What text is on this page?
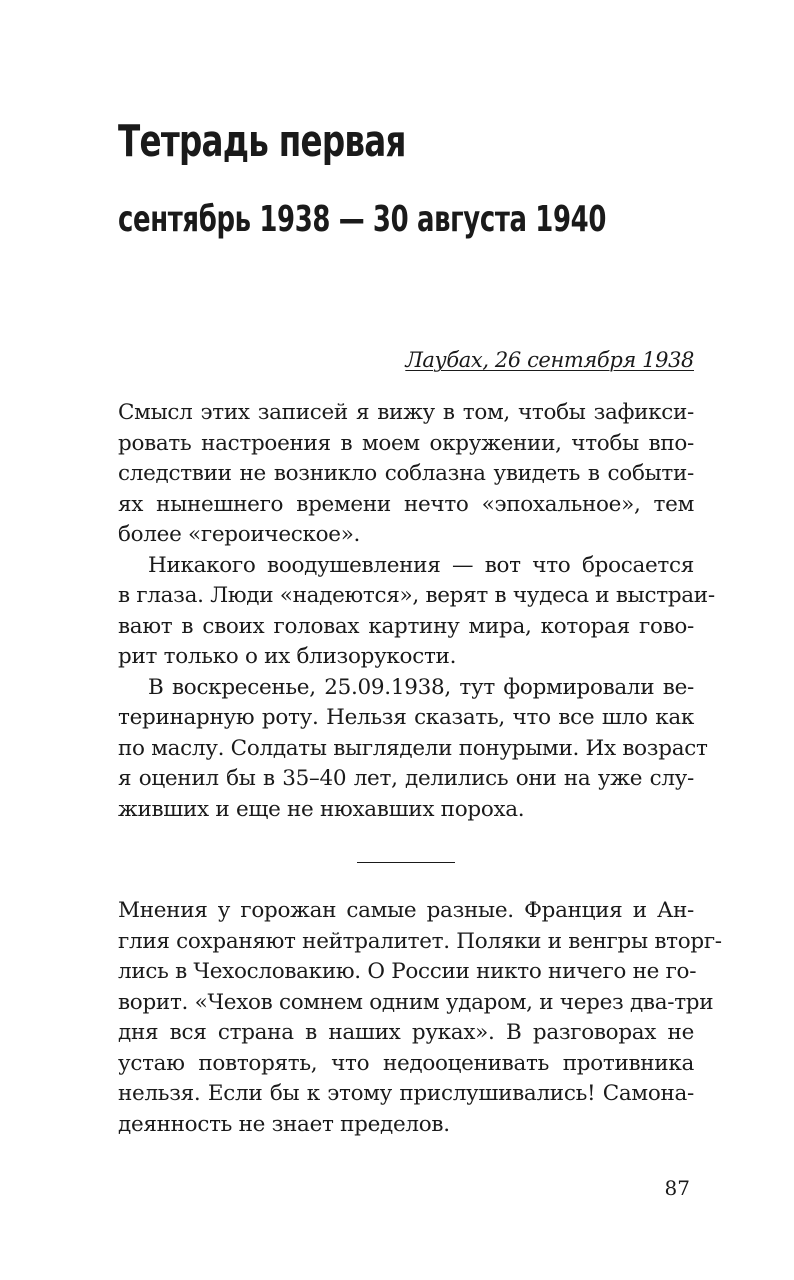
Тетрадь первая
сентябрь 1938 — 30 августа 1940
Лаубах, 26 сентября 1938
Смысл этих записей я вижу в том, чтобы зафикси-
ровать настроения в моем окружении, чтобы впо-
следствии не возникло соблазна увидеть в событи-
ях нынешнего времени нечто «эпохальное», тем
более «героическое».
Никакого воодушевления — вот что бросается
в глаза. Люди «надеются», верят в чудеса и выстраи-
вают в своих головах картину мира, которая гово-
рит только о их близорукости.
В воскресенье, 25.09.1938, тут формировали ве-
теринарную роту. Нельзя сказать, что все шло как
по маслу. Солдаты выглядели понурыми. Их возраст
я оценил бы в 35–40 лет, делились они на уже слу-
живших и еще не нюхавших пороха.
Мнения у горожан самые разные. Франция и Ан-
глия сохраняют нейтралитет. Поляки и венгры вторг-
лись в Чехословакию. О России никто ничего не го-
ворит. «Чехов сомнем одним ударом, и через два-три
дня вся страна в наших руках». В разговорах не
устаю повторять, что недооценивать противника
нельзя. Если бы к этому прислушивались! Самона-
деянность не знает пределов.
87
